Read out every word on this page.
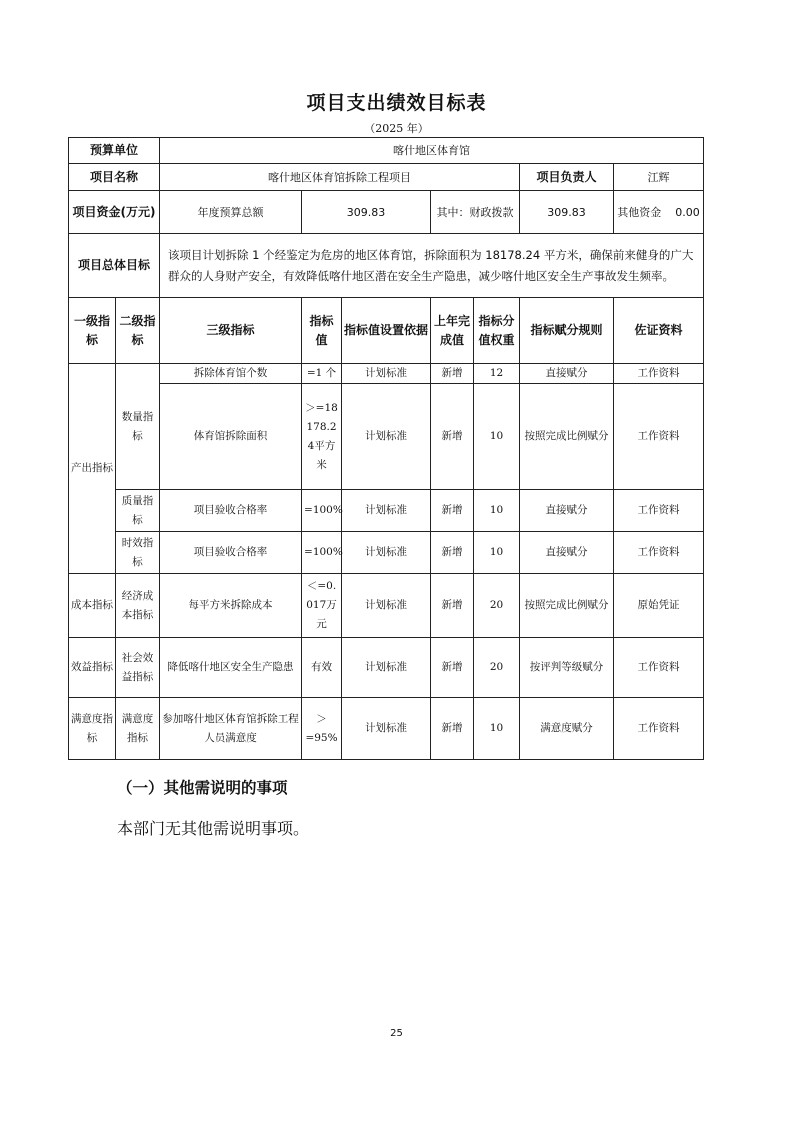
项目支出绩效目标表
（2025 年）
预算单位		喀什地区体育馆						
项目名称		喀什地区体育馆拆除工程项目					项目负责人	江辉
项目资金(万元)		年度预算总额	309.83		其中：财政拨款		309.83	其他资金 0.00
项目总体目标		该项目计划拆除 1 个经鉴定为危房的地区体育馆，拆除面积为 18178.24 平方米，确保前来健身的广大群众的人身财产安全，有效降低喀什地区潜在安全生产隐患，减少喀什地区安全生产事故发生频率。						
一级指标	二级指标	三级指标	指标值	指标值设置依据	上年完成值	指标分值权重	指标赋分规则	佐证资料
产出指标	数量指标	拆除体育馆个数	=1 个	计划标准	新增	12	直接赋分	工作资料
		体育馆拆除面积	＞=18178.24平方米	计划标准	新增	10	按照完成比例赋分	工作资料
	质量指标	项目验收合格率	=100%	计划标准	新增	10	直接赋分	工作资料
	时效指标	项目验收合格率	=100%	计划标准	新增	10	直接赋分	工作资料
成本指标	经济成本指标	每平方米拆除成本	＜=0.017万元	计划标准	新增	20	按照完成比例赋分	原始凭证
效益指标	社会效益指标	降低喀什地区安全生产隐患	有效	计划标准	新增	20	按评判等级赋分	工作资料
满意度指标	满意度指标	参加喀什地区体育馆拆除工程人员满意度	＞=95%	计划标准	新增	10	满意度赋分	工作资料
（一）其他需说明的事项
本部门无其他需说明事项。
25
